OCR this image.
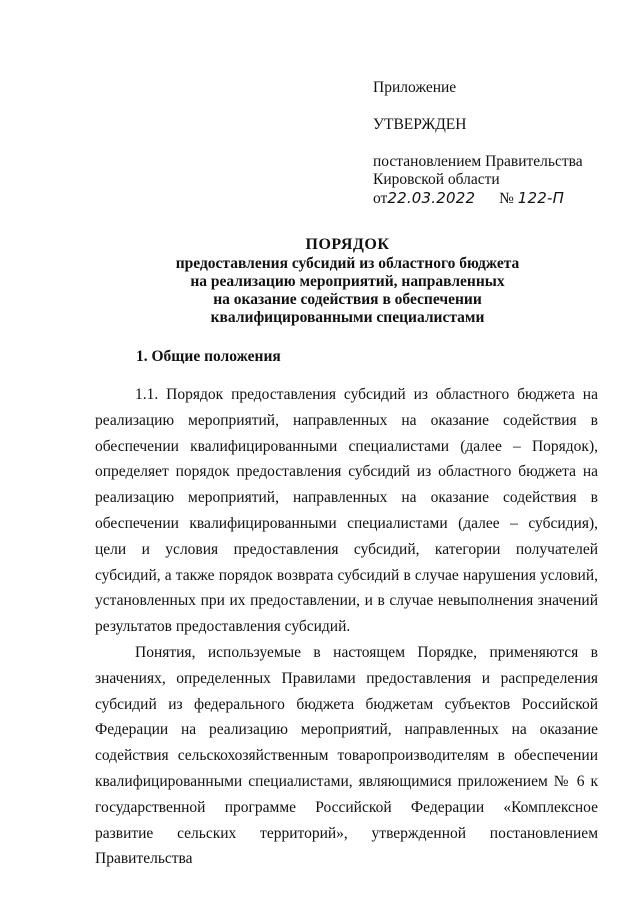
Приложение

УТВЕРЖДЕН

постановлением Правительства

Кировской области

от22.03.2022 № 122-П

ПОРЯДОК
предоставления субсидий из областного бюджета
на реализацию мероприятий, направленных
на оказание содействия в обеспечении
квалифицированными специалистами
1. Общие положения

1.1. Порядок предоставления субсидий из областного бюджета на реализацию мероприятий, направленных на оказание содействия в обеспечении квалифицированными специалистами (далее – Порядок), определяет порядок предоставления субсидий из областного бюджета на реализацию мероприятий, направленных на оказание содействия в обеспечении квалифицированными специалистами (далее – субсидия), цели и условия предоставления субсидий, категории получателей субсидий, а также порядок возврата субсидий в случае нарушения условий, установленных при их предоставлении, и в случае невыполнения значений результатов предоставления субсидий.

Понятия, используемые в настоящем Порядке, применяются в значениях, определенных Правилами предоставления и распределения субсидий из федерального бюджета бюджетам субъектов Российской Федерации на реализацию мероприятий, направленных на оказание содействия сельскохозяйственным товаропроизводителям в обеспечении квалифицированными специалистами, являющимися приложением № 6 к государственной программе Российской Федерации «Комплексное развитие сельских территорий», утвержденной постановлением Правительства
